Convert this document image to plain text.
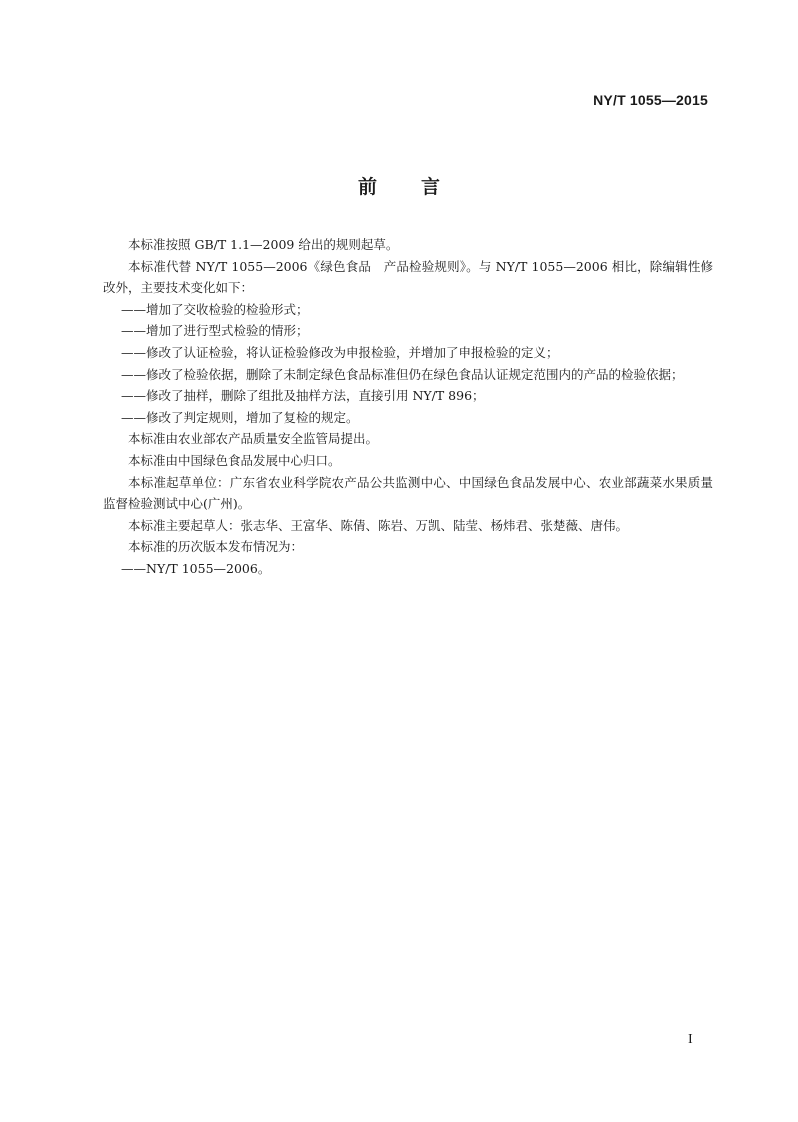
NY/T 1055—2015
前 言

本标准按照 GB/T 1.1—2009 给出的规则起草。

本标准代替 NY/T 1055—2006《绿色食品　产品检验规则》。与 NY/T 1055—2006 相比，除编辑性修改外，主要技术变化如下：

——增加了交收检验的检验形式；

——增加了进行型式检验的情形；

——修改了认证检验，将认证检验修改为申报检验，并增加了申报检验的定义；

——修改了检验依据，删除了未制定绿色食品标准但仍在绿色食品认证规定范围内的产品的检验依据；

——修改了抽样，删除了组批及抽样方法，直接引用 NY/T 896；

——修改了判定规则，增加了复检的规定。

本标准由农业部农产品质量安全监管局提出。

本标准由中国绿色食品发展中心归口。

本标准起草单位：广东省农业科学院农产品公共监测中心、中国绿色食品发展中心、农业部蔬菜水果质量监督检验测试中心(广州)。

本标准主要起草人：张志华、王富华、陈倩、陈岩、万凯、陆莹、杨炜君、张楚薇、唐伟。

本标准的历次版本发布情况为：

——NY/T 1055—2006。

I
